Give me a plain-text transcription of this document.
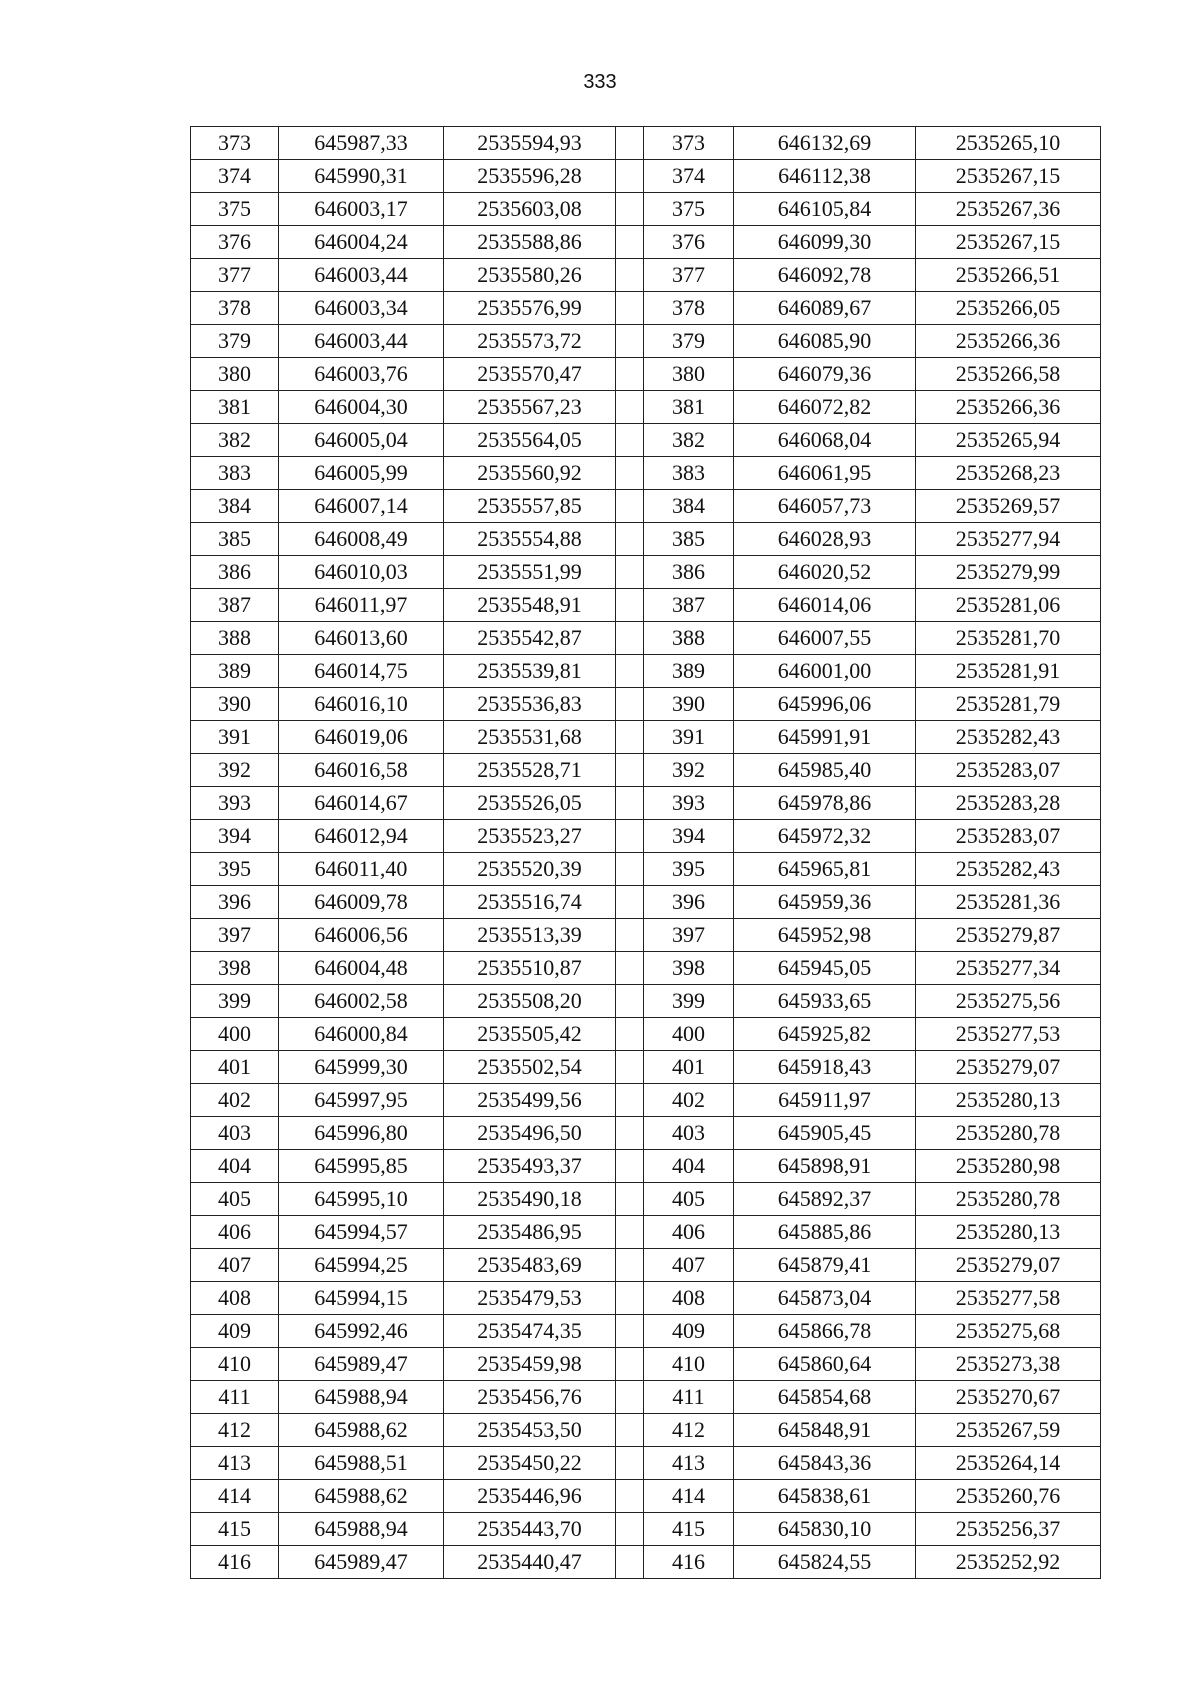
333
373	645987,33	2535594,93		373	646132,69	2535265,10
374	645990,31	2535596,28		374	646112,38	2535267,15
375	646003,17	2535603,08		375	646105,84	2535267,36
376	646004,24	2535588,86		376	646099,30	2535267,15
377	646003,44	2535580,26		377	646092,78	2535266,51
378	646003,34	2535576,99		378	646089,67	2535266,05
379	646003,44	2535573,72		379	646085,90	2535266,36
380	646003,76	2535570,47		380	646079,36	2535266,58
381	646004,30	2535567,23		381	646072,82	2535266,36
382	646005,04	2535564,05		382	646068,04	2535265,94
383	646005,99	2535560,92		383	646061,95	2535268,23
384	646007,14	2535557,85		384	646057,73	2535269,57
385	646008,49	2535554,88		385	646028,93	2535277,94
386	646010,03	2535551,99		386	646020,52	2535279,99
387	646011,97	2535548,91		387	646014,06	2535281,06
388	646013,60	2535542,87		388	646007,55	2535281,70
389	646014,75	2535539,81		389	646001,00	2535281,91
390	646016,10	2535536,83		390	645996,06	2535281,79
391	646019,06	2535531,68		391	645991,91	2535282,43
392	646016,58	2535528,71		392	645985,40	2535283,07
393	646014,67	2535526,05		393	645978,86	2535283,28
394	646012,94	2535523,27		394	645972,32	2535283,07
395	646011,40	2535520,39		395	645965,81	2535282,43
396	646009,78	2535516,74		396	645959,36	2535281,36
397	646006,56	2535513,39		397	645952,98	2535279,87
398	646004,48	2535510,87		398	645945,05	2535277,34
399	646002,58	2535508,20		399	645933,65	2535275,56
400	646000,84	2535505,42		400	645925,82	2535277,53
401	645999,30	2535502,54		401	645918,43	2535279,07
402	645997,95	2535499,56		402	645911,97	2535280,13
403	645996,80	2535496,50		403	645905,45	2535280,78
404	645995,85	2535493,37		404	645898,91	2535280,98
405	645995,10	2535490,18		405	645892,37	2535280,78
406	645994,57	2535486,95		406	645885,86	2535280,13
407	645994,25	2535483,69		407	645879,41	2535279,07
408	645994,15	2535479,53		408	645873,04	2535277,58
409	645992,46	2535474,35		409	645866,78	2535275,68
410	645989,47	2535459,98		410	645860,64	2535273,38
411	645988,94	2535456,76		411	645854,68	2535270,67
412	645988,62	2535453,50		412	645848,91	2535267,59
413	645988,51	2535450,22		413	645843,36	2535264,14
414	645988,62	2535446,96		414	645838,61	2535260,76
415	645988,94	2535443,70		415	645830,10	2535256,37
416	645989,47	2535440,47		416	645824,55	2535252,92
